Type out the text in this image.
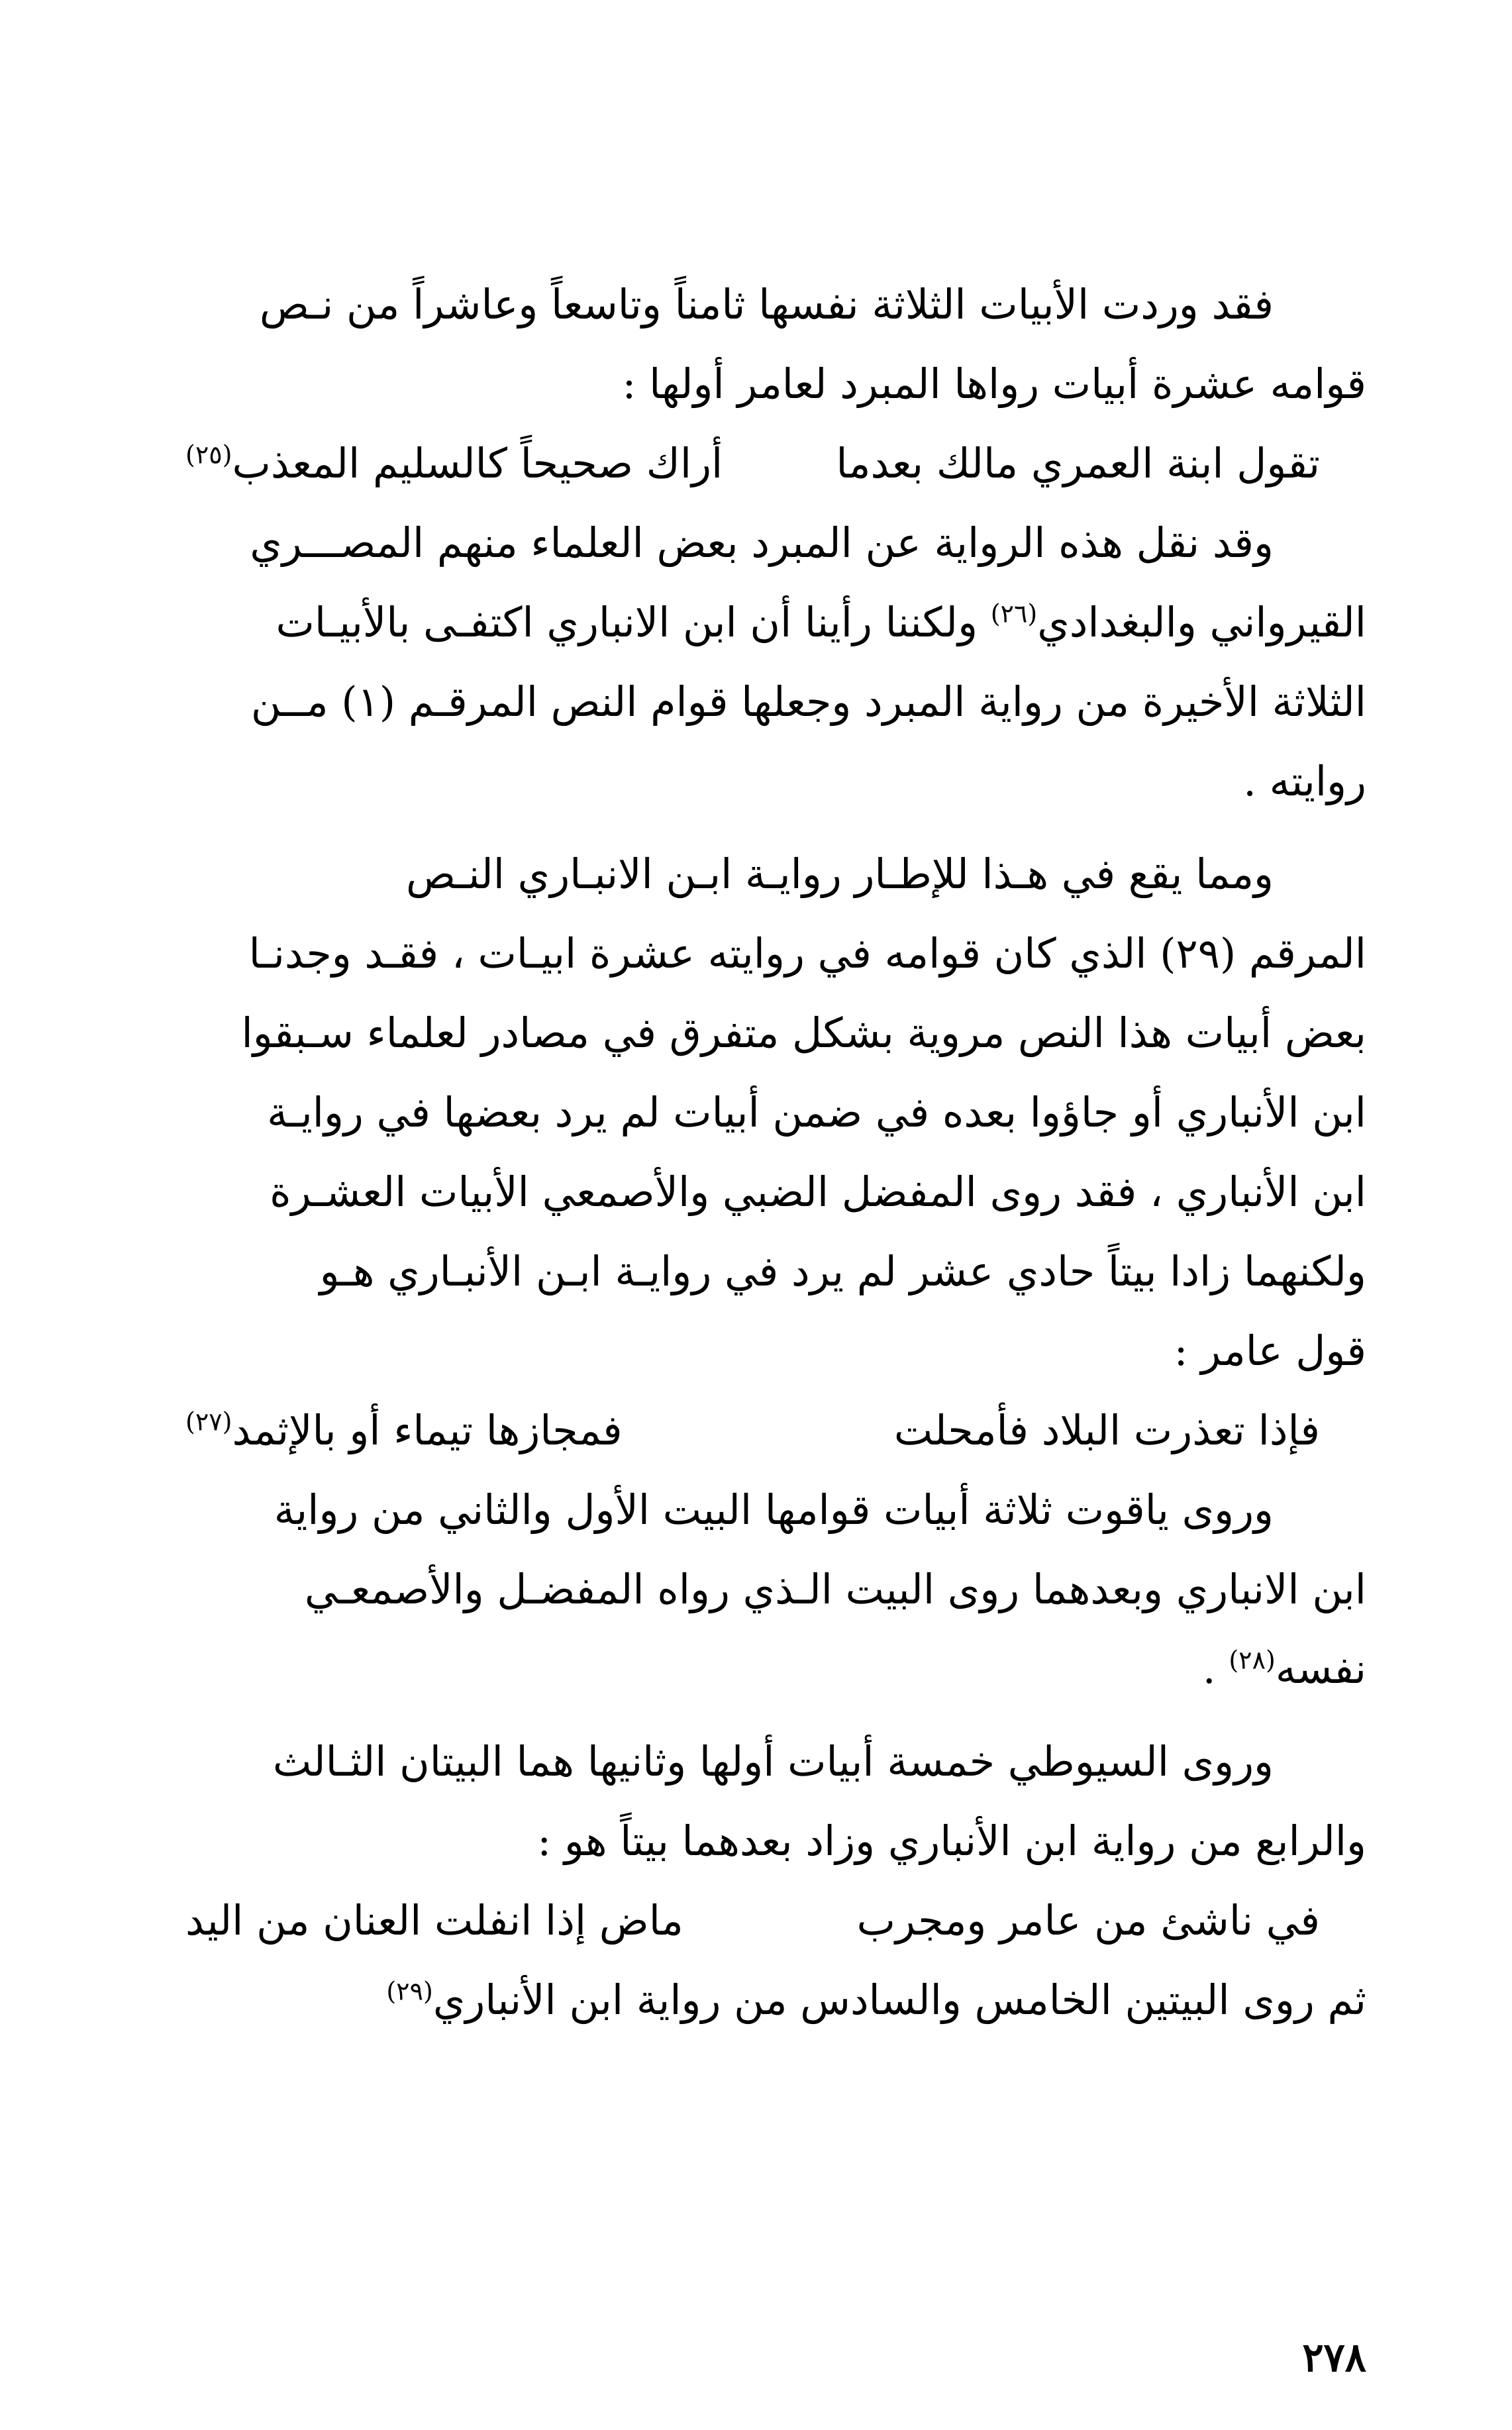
فقد وردت الأبيات الثلاثة نفسها ثامناً وتاسعاً وعاشراً من نـص
قوامه عشرة أبيات رواها المبرد لعامر أولها :
تقول ابنة العمري مالك بعدما
أراك صحيحاً كالسليم المعذب$^{(٢٥)}$
وقد نقل هذه الرواية عن المبرد بعض العلماء منهم المصـــري
القيرواني والبغدادي$^{(٢٦)}$ ولكننا رأينا أن ابن الانباري اكتفـى بالأبيـات
الثلاثة الأخيرة من رواية المبرد وجعلها قوام النص المرقـم (١) مــن
روايته .
ومما يقع في هـذا للإطـار روايـة ابـن الانبـاري النـص
المرقم (٢٩) الذي كان قوامه في روايته عشرة ابيـات ، فقـد وجدنـا
بعض أبيات هذا النص مروية بشكل متفرق في مصادر لعلماء سـبقوا
ابن الأنباري أو جاؤوا بعده في ضمن أبيات لم يرد بعضها في روايـة
ابن الأنباري ، فقد روى المفضل الضبي والأصمعي الأبيات العشـرة
ولكنهما زادا بيتاً حادي عشر لم يرد في روايـة ابـن الأنبـاري هـو
قول عامر :
فإذا تعذرت البلاد فأمحلت
فمجازها تيماء أو بالإثمد$^{(٢٧)}$
وروى ياقوت ثلاثة أبيات قوامها البيت الأول والثاني من رواية
ابن الانباري وبعدهما روى البيت الـذي رواه المفضـل والأصمعـي
نفسه$^{(٢٨)}$ .
وروى السيوطي خمسة أبيات أولها وثانيها هما البيتان الثـالث
والرابع من رواية ابن الأنباري وزاد بعدهما بيتاً هو :
في ناشئ من عامر ومجرب
ماض إذا انفلت العنان من اليد
ثم روى البيتين الخامس والسادس من رواية ابن الأنباري$^{(٢٩)}$
٢٧٨
